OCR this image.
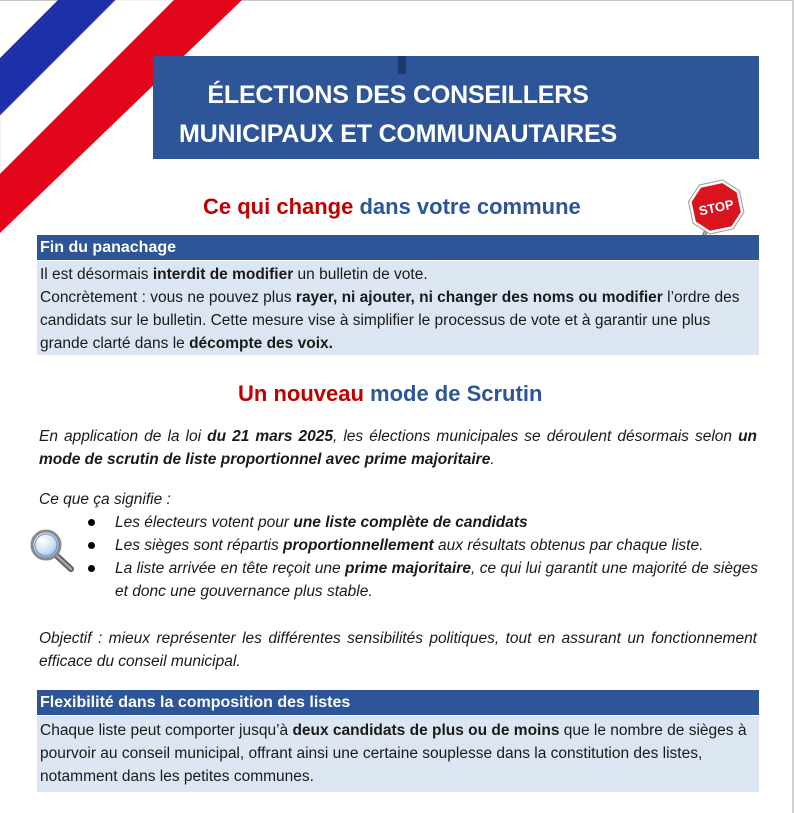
ÉLECTIONS DES CONSEILLERS
MUNICIPAUX ET COMMUNAUTAIRES
Ce qui change dans votre commune	STOP
Fin du panachage
Il est désormais interdit de modifier un bulletin de vote.
Concrètement : vous ne pouvez plus rayer, ni ajouter, ni changer des noms ou modifier l’ordre des candidats sur le bulletin. Cette mesure vise à simplifier le processus de vote et à garantir une plus grande clarté dans le décompte des voix.
Un nouveau mode de Scrutin
En application de la loi du 21 mars 2025, les élections municipales se déroulent désormais selon un mode de scrutin de liste proportionnel avec prime majoritaire.
Ce que ça signifie :
Les électeurs votent pour une liste complète de candidats
Les sièges sont répartis proportionnellement aux résultats obtenus par chaque liste.
La liste arrivée en tête reçoit une prime majoritaire, ce qui lui garantit une majorité de sièges et donc une gouvernance plus stable.
Objectif : mieux représenter les différentes sensibilités politiques, tout en assurant un fonctionnement efficace du conseil municipal.
Flexibilité dans la composition des listes
Chaque liste peut comporter jusqu’à deux candidats de plus ou de moins que le nombre de sièges à pourvoir au conseil municipal, offrant ainsi une certaine souplesse dans la constitution des listes, notamment dans les petites communes.
